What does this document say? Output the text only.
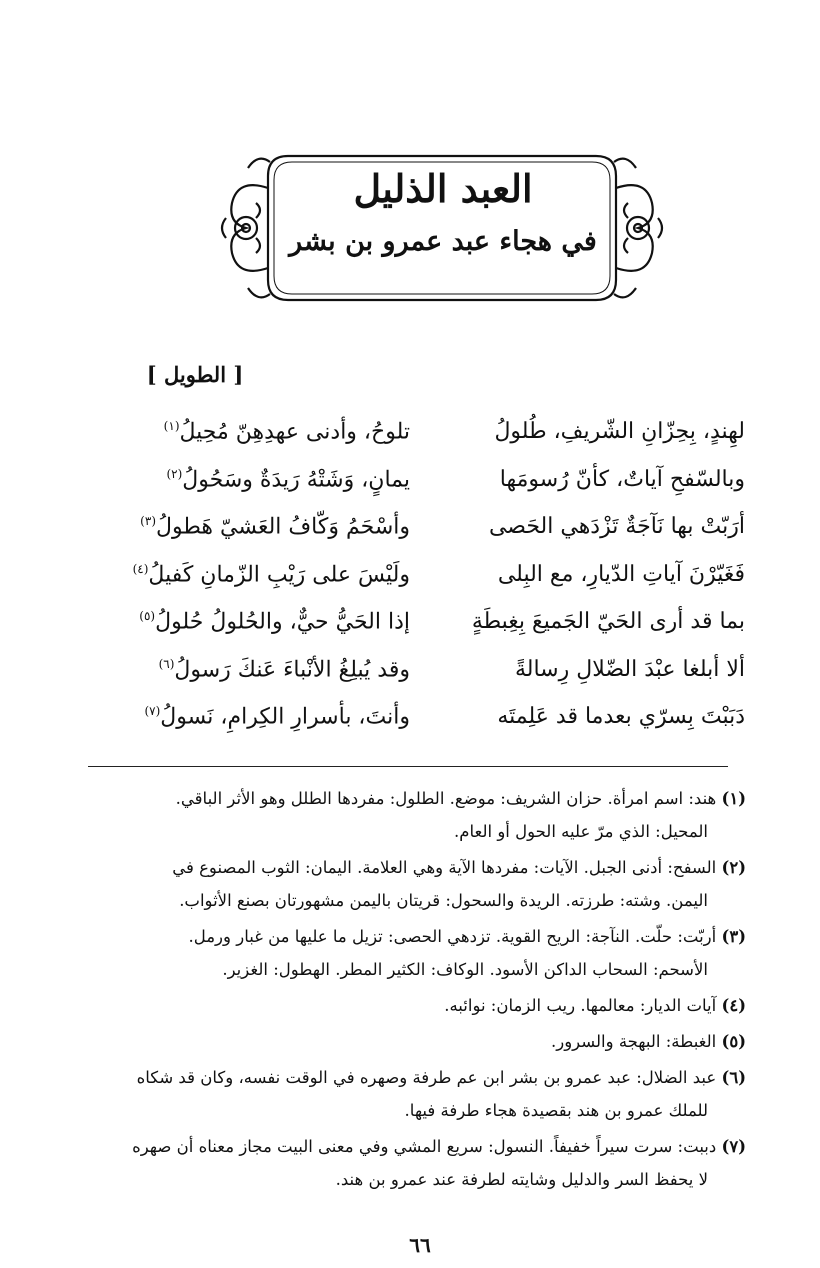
العبد الذليل
في هجاء عبد عمرو بن بشر
[ الطويل ]
لهِندٍ، بِحِزّانِ الشّريفِ، طُلولُ
تلوحُ، وأدنى عهدِهِنّ مُحِيلُ$^{(١)}$
وبالسّفحِ آياتٌ، كأنّ رُسومَها
يمانٍ، وَشَتْهُ رَيدَةٌ وسَحُولُ$^{(٢)}$
أرَبّتْ بها نَآجَةٌ تَزْدَهي الحَصى
وأسْحَمُ وَكّافُ العَشيّ هَطولُ$^{(٣)}$
فَغَيّرْنَ آياتِ الدّيارِ، مع البِلى
ولَيْسَ على رَيْبِ الزّمانِ كَفيلُ$^{(٤)}$
بما قد أرى الحَيّ الجَميعَ بِغِبطَةٍ
إذا الحَيُّ حيٌّ، والحُلولُ حُلولُ$^{(٥)}$
ألا أبلغا عبْدَ الضّلالِ رِسالةً
وقد يُبلِغُ الأنْباءَ عَنكَ رَسولُ$^{(٦)}$
دَبَبْتَ بِسرّي بعدما قد عَلِمتَه
وأنتَ، بأسرارِ الكِرامِ، نَسولُ$^{(٧)}$
(١) هند: اسم امرأة. حزان الشريف: موضع. الطلول: مفردها الطلل وهو الأثر الباقي.
المحيل: الذي مرّ عليه الحول أو العام.
(٢) السفح: أدنى الجبل. الآيات: مفردها الآية وهي العلامة. اليمان: الثوب المصنوع في
اليمن. وشته: طرزته. الريدة والسحول: قريتان باليمن مشهورتان بصنع الأثواب.
(٣) أربّت: حلّت. النآجة: الريح القوية. تزدهي الحصى: تزيل ما عليها من غبار ورمل.
الأسحم: السحاب الداكن الأسود. الوكاف: الكثير المطر. الهطول: الغزير.
(٤) آيات الديار: معالمها. ريب الزمان: نوائبه.
(٥) الغبطة: البهجة والسرور.
(٦) عبد الضلال: عبد عمرو بن بشر ابن عم طرفة وصهره في الوقت نفسه، وكان قد شكاه
للملك عمرو بن هند بقصيدة هجاء طرفة فيها.
(٧) دببت: سرت سيراً خفيفاً. النسول: سريع المشي وفي معنى البيت مجاز معناه أن صهره
لا يحفظ السر والدليل وشايته لطرفة عند عمرو بن هند.
٦٦
